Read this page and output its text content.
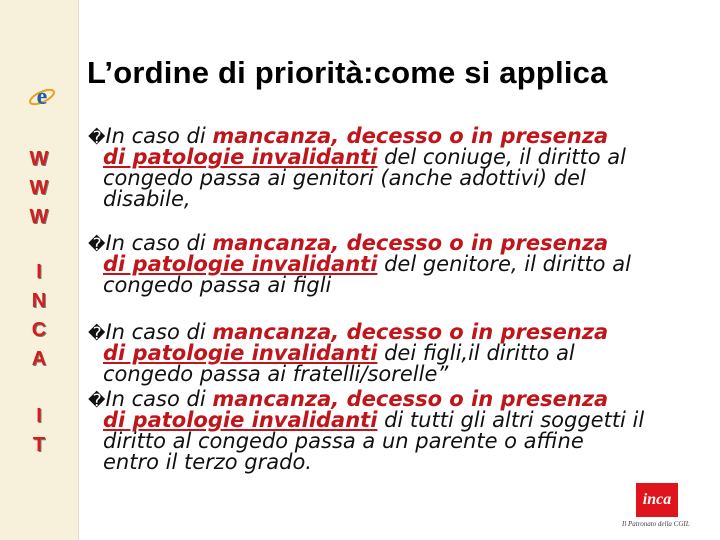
e
W
W
W
I
N
C
A
I
T
L’ordine di priorità:come si applica
�In caso di mancanza, decesso o in presenza
di patologie invalidanti del coniuge, il diritto al
congedo passa ai genitori (anche adottivi) del
disabile,
�In caso di mancanza, decesso o in presenza
di patologie invalidanti del genitore, il diritto al
congedo passa ai figli
�In caso di mancanza, decesso o in presenza
di patologie invalidanti dei figli,il diritto al
congedo passa ai fratelli/sorelle”
�In caso di mancanza, decesso o in presenza
di patologie invalidanti di tutti gli altri soggetti il
diritto al congedo passa a un parente o affine
entro il terzo grado.
inca
Il Patronato della CGIL
